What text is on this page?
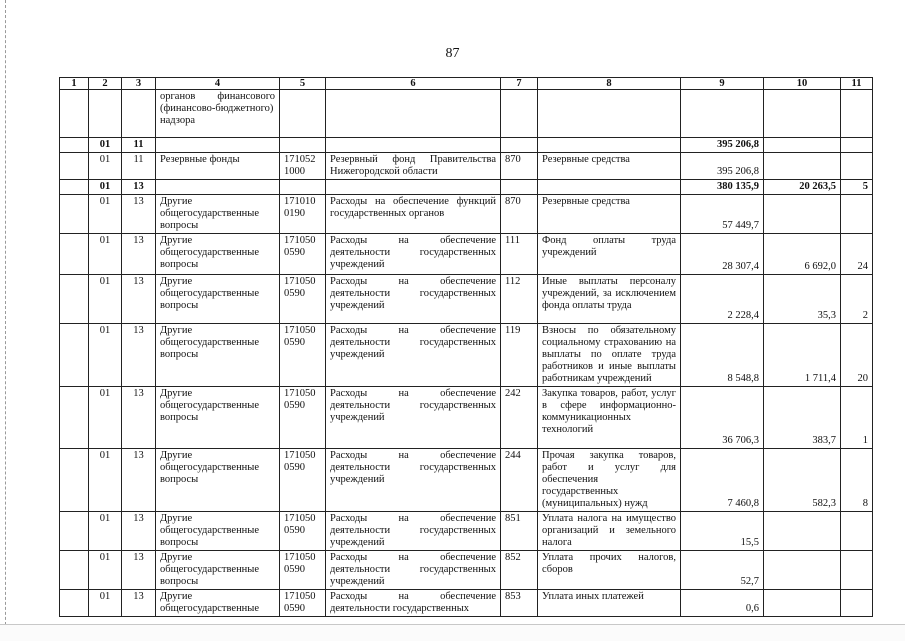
87
1	2	3	4	5	6	7	8	9	10	11
			органов финансового (финансово-бюджетного) надзора							
	01	11						395 206,8		
	01	11	Резервные фонды	171052 1000	Резервный фонд Правительства Нижегородской области	870	Резервные средства	395 206,8		
	01	13						380 135,9	20 263,5	5
	01	13	Другие общегосударственные вопросы	171010 0190	Расходы на обеспечение функций государственных органов	870	Резервные средства	57 449,7		
	01	13	Другие общегосударственные вопросы	171050 0590	Расходы на обеспечение деятельности государственных учреждений	111	Фонд оплаты труда учреждений	28 307,4	6 692,0	24
	01	13	Другие общегосударственные вопросы	171050 0590	Расходы на обеспечение деятельности государственных учреждений	112	Иные выплаты персоналу учреждений, за исключением фонда оплаты труда	2 228,4	35,3	2
	01	13	Другие общегосударственные вопросы	171050 0590	Расходы на обеспечение деятельности государственных учреждений	119	Взносы по обязательному социальному страхованию на выплаты по оплате труда работников и иные выплаты работникам учреждений	8 548,8	1 711,4	20
	01	13	Другие общегосударственные вопросы	171050 0590	Расходы на обеспечение деятельности государственных учреждений	242	Закупка товаров, работ, услуг в сфере информационно-коммуникационных технологий	36 706,3	383,7	1
	01	13	Другие общегосударственные вопросы	171050 0590	Расходы на обеспечение деятельности государственных учреждений	244	Прочая закупка товаров, работ и услуг для обеспечения государственных (муниципальных) нужд	7 460,8	582,3	8
	01	13	Другие общегосударственные вопросы	171050 0590	Расходы на обеспечение деятельности государственных учреждений	851	Уплата налога на имущество организаций и земельного налога	15,5		
	01	13	Другие общегосударственные вопросы	171050 0590	Расходы на обеспечение деятельности государственных учреждений	852	Уплата прочих налогов, сборов	52,7		
	01	13	Другие общегосударственные	171050 0590	Расходы на обеспечение деятельности государственных	853	Уплата иных платежей	0,6		
